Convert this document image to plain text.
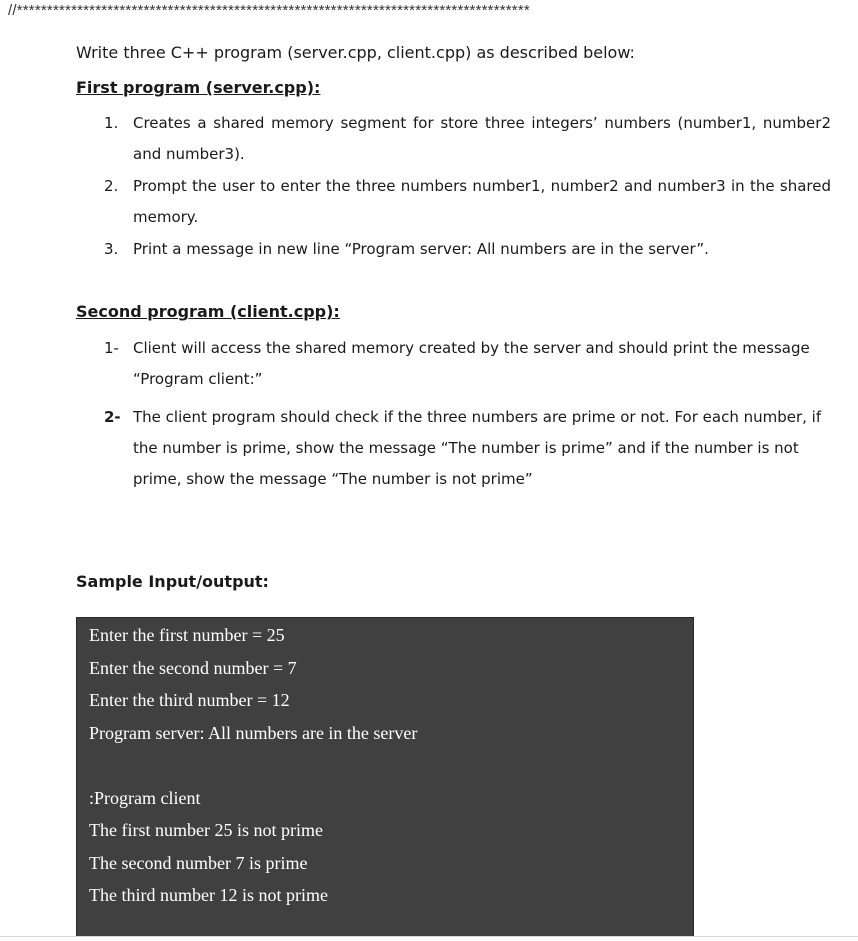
//*************************************************************************************
Write three C++ program (server.cpp, client.cpp) as described below:
First program (server.cpp):
1. Creates a shared memory segment for store three integers’ numbers (number1, number2 and number3).
2. Prompt the user to enter the three numbers number1, number2 and number3 in the shared memory.
3. Print a message in new line “Program server: All numbers are in the server”.
Second program (client.cpp):
1- Client will access the shared memory created by the server and should print the message “Program client:”
2- The client program should check if the three numbers are prime or not. For each number, if the number is prime, show the message “The number is prime” and if the number is not prime, show the message “The number is not prime”
Sample Input/output:
Enter the first number = 25
Enter the second number = 7
Enter the third number = 12
Program server: All numbers are in the server
:Program client
The first number 25 is not prime
The second number 7 is prime
The third number 12 is not prime
